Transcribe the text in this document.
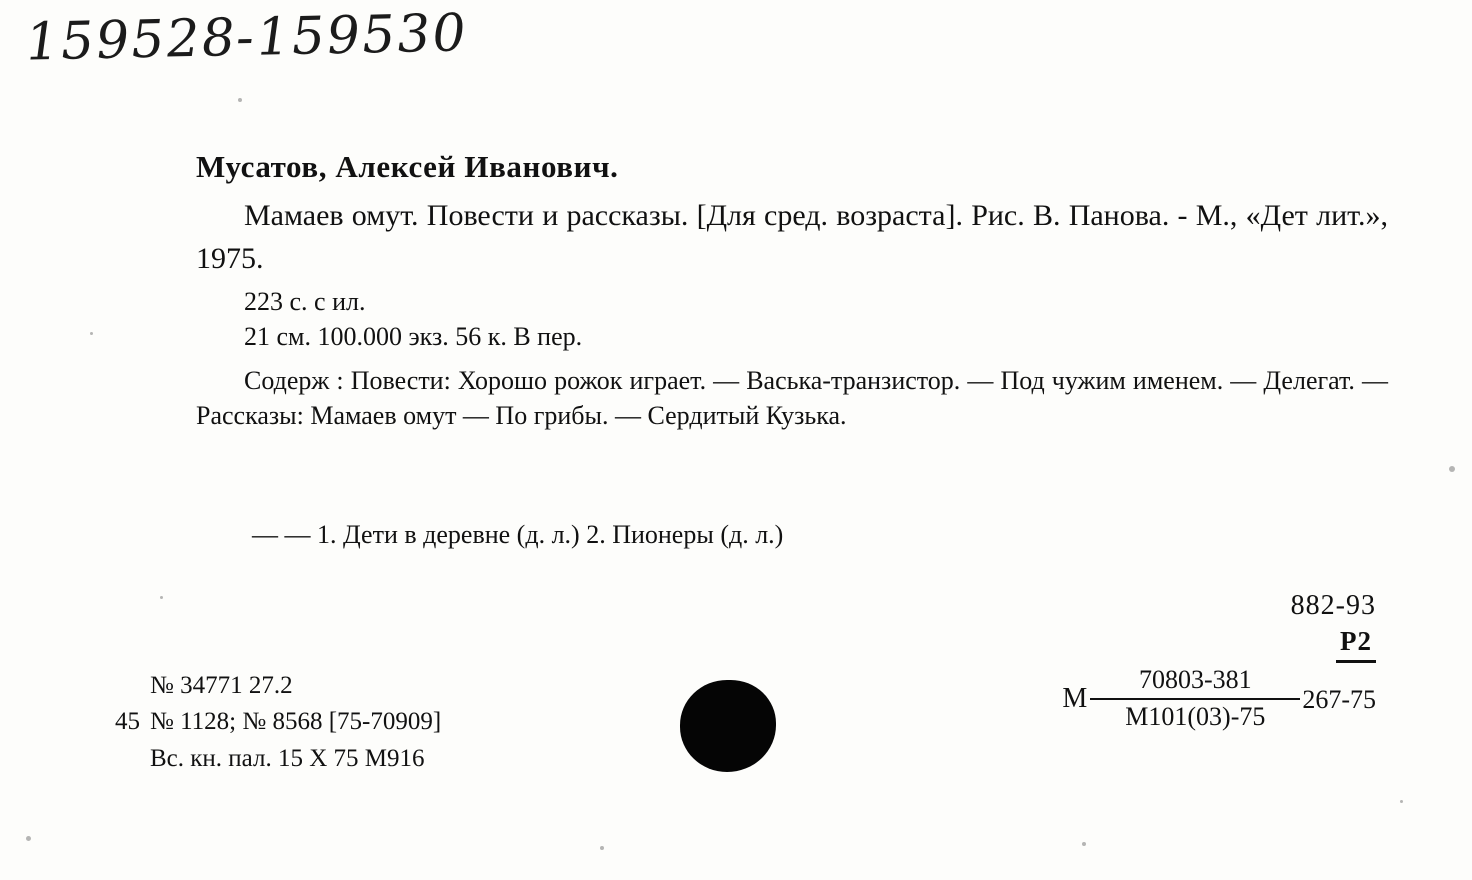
159528-159530
Мусатов, Алексей Иванович.
Мамаев омут. Повести и рассказы. [Для сред. возраста]. Рис. В. Панова. - М., «Дет лит.», 1975.
223 с. с ил.
21 см. 100.000 экз. 56 к. В пер.
Содерж : Повести: Хорошо рожок играет. — Васька-транзистор. — Под чужим именем. — Делегат. — Рассказы: Мамаев омут — По грибы. — Сердитый Кузька.
— — 1. Дети в деревне (д. л.) 2. Пионеры (д. л.)
882-93
Р2
М $\frac{70803-381}{М101(03)-75} 267-75$
№ 34771 27.2
45 № 1128; № 8568 [75-70909]
Вс. кн. пал. 15 X 75 М916
